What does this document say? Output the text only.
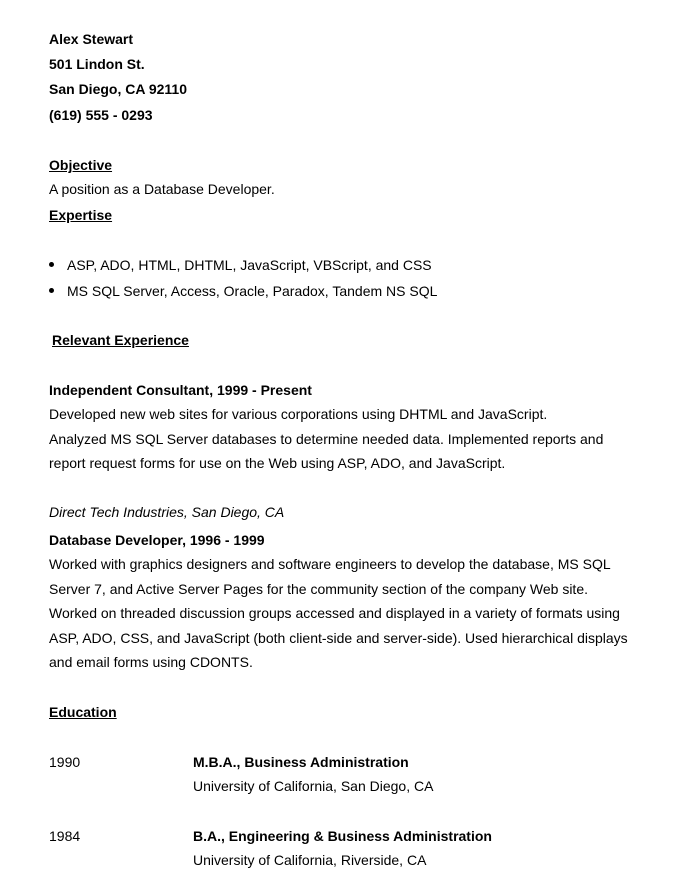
Alex Stewart
501 Lindon St.
San Diego, CA 92110
(619) 555 - 0293
Objective
A position as a Database Developer.
Expertise
ASP, ADO, HTML, DHTML, JavaScript, VBScript, and CSS
MS SQL Server, Access, Oracle, Paradox, Tandem NS SQL
Relevant Experience
Independent Consultant, 1999 - Present
Developed new web sites for various corporations using DHTML and JavaScript.
Analyzed MS SQL Server databases to determine needed data. Implemented reports and
report request forms for use on the Web using ASP, ADO, and JavaScript.
Direct Tech Industries, San Diego, CA
Database Developer, 1996 - 1999
Worked with graphics designers and software engineers to develop the database, MS SQL
Server 7, and Active Server Pages for the community section of the company Web site.
Worked on threaded discussion groups accessed and displayed in a variety of formats using
ASP, ADO, CSS, and JavaScript (both client-side and server-side). Used hierarchical displays
and email forms using CDONTS.
Education
1990	M.B.A., Business Administration
University of California, San Diego, CA
1984	B.A., Engineering & Business Administration
University of California, Riverside, CA
